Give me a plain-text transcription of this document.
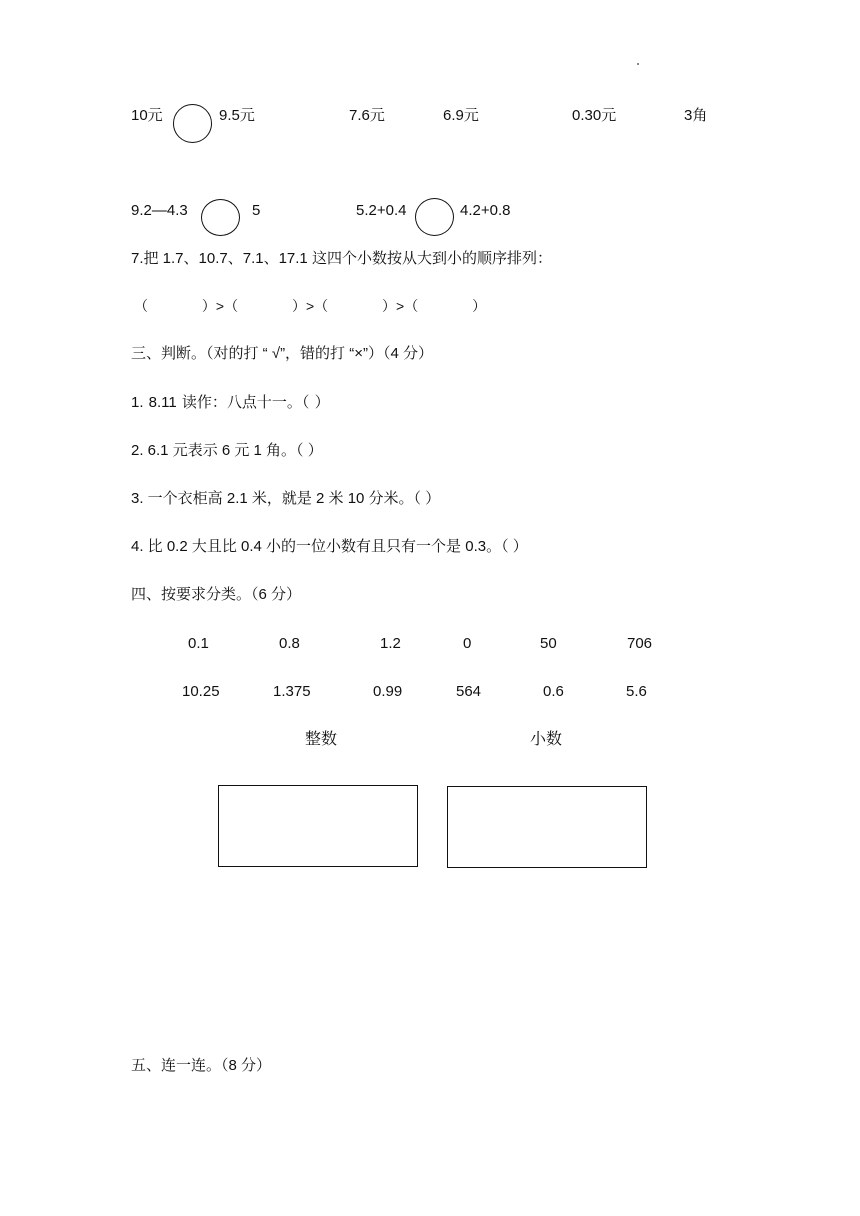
10元	9.5元	7.6元	6.9元	0.30元	3角
9.2—4.3	5	5.2+0.4	4.2+0.8
7.把 1.7、10.7、7.1、17.1 这四个小数按从大到小的顺序排列：
（ ）>（ ）>（ ）>（ ）
三、判断。（对的打 “ √”，错的打 “×”）（4 分）
1. 8.11 读作：八点十一。（ ）
2. 6.1 元表示 6 元 1 角。（ ）
3. 一个衣柜高 2.1 米，就是 2 米 10 分米。（ ）
4. 比 0.2 大且比 0.4 小的一位小数有且只有一个是 0.3。（ ）
四、按要求分类。（6 分）
0.1	0.8	1.2	0	50	706
10.25	1.375	0.99	564	0.6	5.6
整数	小数
五、连一连。（8 分）
